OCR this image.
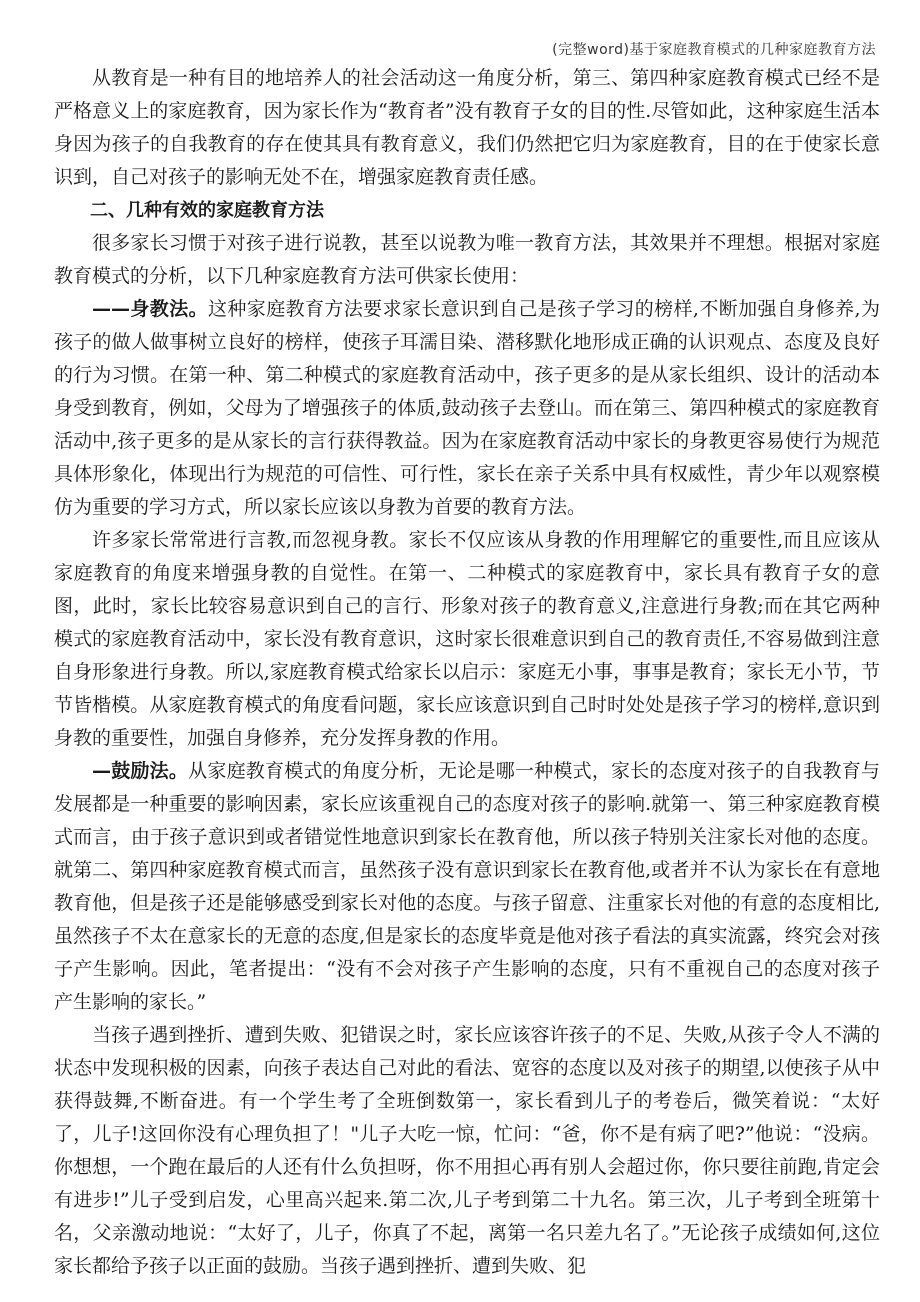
(完整word)基于家庭教育模式的几种家庭教育方法

从教育是一种有目的地培养人的社会活动这一角度分析，第三、第四种家庭教育模式已经不是严格意义上的家庭教育，因为家长作为“教育者”没有教育子女的目的性.尽管如此，这种家庭生活本身因为孩子的自我教育的存在使其具有教育意义，我们仍然把它归为家庭教育，目的在于使家长意识到，自己对孩子的影响无处不在，增强家庭教育责任感。

二、几种有效的家庭教育方法

很多家长习惯于对孩子进行说教，甚至以说教为唯一教育方法，其效果并不理想。根据对家庭教育模式的分析，以下几种家庭教育方法可供家长使用：

——身教法。这种家庭教育方法要求家长意识到自己是孩子学习的榜样,不断加强自身修养,为孩子的做人做事树立良好的榜样，使孩子耳濡目染、潜移默化地形成正确的认识观点、态度及良好的行为习惯。在第一种、第二种模式的家庭教育活动中，孩子更多的是从家长组织、设计的活动本身受到教育，例如，父母为了增强孩子的体质,鼓动孩子去登山。而在第三、第四种模式的家庭教育活动中,孩子更多的是从家长的言行获得教益。因为在家庭教育活动中家长的身教更容易使行为规范具体形象化，体现出行为规范的可信性、可行性，家长在亲子关系中具有权威性，青少年以观察模仿为重要的学习方式，所以家长应该以身教为首要的教育方法。

许多家长常常进行言教,而忽视身教。家长不仅应该从身教的作用理解它的重要性,而且应该从家庭教育的角度来增强身教的自觉性。在第一、二种模式的家庭教育中，家长具有教育子女的意图，此时，家长比较容易意识到自己的言行、形象对孩子的教育意义,注意进行身教;而在其它两种模式的家庭教育活动中，家长没有教育意识，这时家长很难意识到自己的教育责任,不容易做到注意自身形象进行身教。所以,家庭教育模式给家长以启示：家庭无小事，事事是教育；家长无小节，节节皆楷模。从家庭教育模式的角度看问题，家长应该意识到自己时时处处是孩子学习的榜样,意识到身教的重要性，加强自身修养，充分发挥身教的作用。

—鼓励法。从家庭教育模式的角度分析，无论是哪一种模式，家长的态度对孩子的自我教育与发展都是一种重要的影响因素，家长应该重视自己的态度对孩子的影响.就第一、第三种家庭教育模式而言，由于孩子意识到或者错觉性地意识到家长在教育他，所以孩子特别关注家长对他的态度。就第二、第四种家庭教育模式而言，虽然孩子没有意识到家长在教育他,或者并不认为家长在有意地教育他，但是孩子还是能够感受到家长对他的态度。与孩子留意、注重家长对他的有意的态度相比,虽然孩子不太在意家长的无意的态度,但是家长的态度毕竟是他对孩子看法的真实流露，终究会对孩子产生影响。因此，笔者提出：“没有不会对孩子产生影响的态度，只有不重视自己的态度对孩子产生影响的家长。”

当孩子遇到挫折、遭到失败、犯错误之时，家长应该容许孩子的不足、失败,从孩子令人不满的状态中发现积极的因素，向孩子表达自己对此的看法、宽容的态度以及对孩子的期望,以使孩子从中获得鼓舞,不断奋进。有一个学生考了全班倒数第一，家长看到儿子的考卷后，微笑着说：“太好了，儿子!这回你没有心理负担了！"儿子大吃一惊，忙问：“爸，你不是有病了吧?”他说：“没病。你想想，一个跑在最后的人还有什么负担呀，你不用担心再有别人会超过你，你只要往前跑,肯定会有进步!”儿子受到启发，心里高兴起来.第二次,儿子考到第二十九名。第三次，儿子考到全班第十名，父亲激动地说：“太好了，儿子，你真了不起，离第一名只差九名了。”无论孩子成绩如何,这位家长都给予孩子以正面的鼓励。当孩子遇到挫折、遭到失败、犯
